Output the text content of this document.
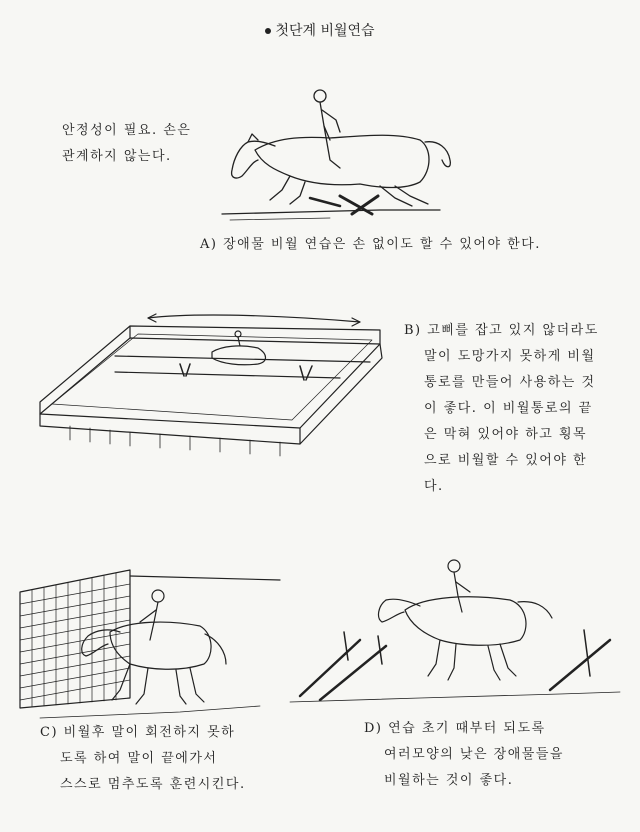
첫단계 비월연습
안정성이 필요. 손은
관계하지 않는다.
A) 장애물 비월 연습은 손 없이도 할 수 있어야 한다.
B) 고삐를 잡고 있지 않더라도
말이 도망가지 못하게 비월
통로를 만들어 사용하는 것
이 좋다. 이 비월통로의 끝
은 막혀 있어야 하고 횡목
으로 비월할 수 있어야 한
다.
C) 비월후 말이 회전하지 못하
도록 하여 말이 끝에가서
스스로 멈추도록 훈련시킨다.
D) 연습 초기 때부터 되도록
여러모양의 낮은 장애물들을
비월하는 것이 좋다.
